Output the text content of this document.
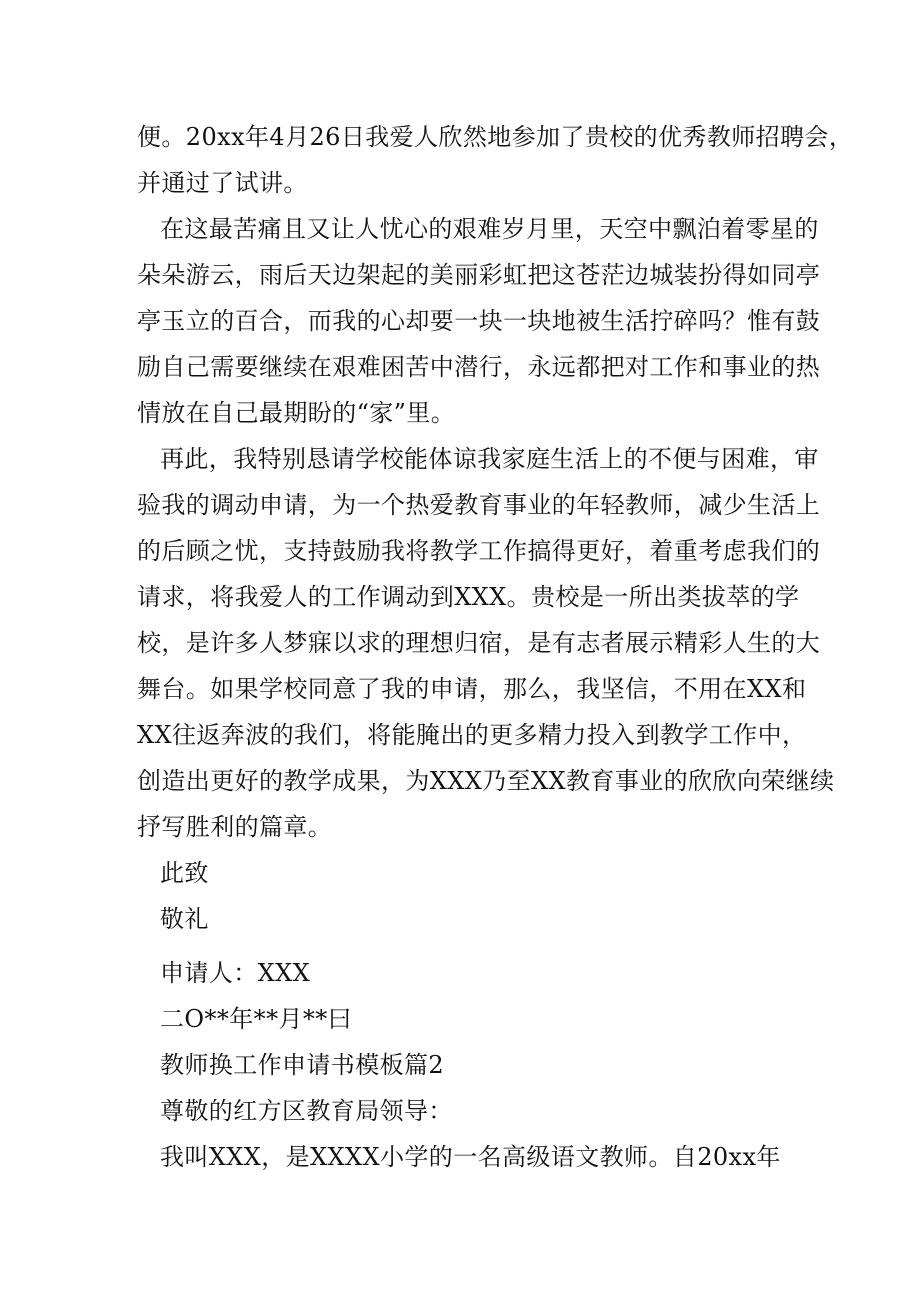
便。20xx年4月26日我爱人欣然地参加了贵校的优秀教师招聘会，
并通过了试讲。
在这最苦痛且又让人忧心的艰难岁月里，天空中飘泊着零星的
朵朵游云，雨后天边架起的美丽彩虹把这苍茫边城装扮得如同亭
亭玉立的百合，而我的心却要一块一块地被生活拧碎吗？惟有鼓
励自己需要继续在艰难困苦中潜行，永远都把对工作和事业的热
情放在自己最期盼的“家”里。
再此，我特别恳请学校能体谅我家庭生活上的不便与困难，审
验我的调动申请，为一个热爱教育事业的年轻教师，减少生活上
的后顾之忧，支持鼓励我将教学工作搞得更好，着重考虑我们的
请求，将我爱人的工作调动到XXX。贵校是一所出类拔萃的学
校，是许多人梦寐以求的理想归宿，是有志者展示精彩人生的大
舞台。如果学校同意了我的申请，那么，我坚信，不用在XX和
XX往返奔波的我们，将能腌出的更多精力投入到教学工作中，
创造出更好的教学成果，为XXX乃至XX教育事业的欣欣向荣继续
抒写胜利的篇章。
此致
敬礼
申请人：XXX
二O**年**月**曰
教师换工作申请书模板篇2
尊敬的红方区教育局领导：
我叫XXX，是XXXX小学的一名高级语文教师。自20xx年
